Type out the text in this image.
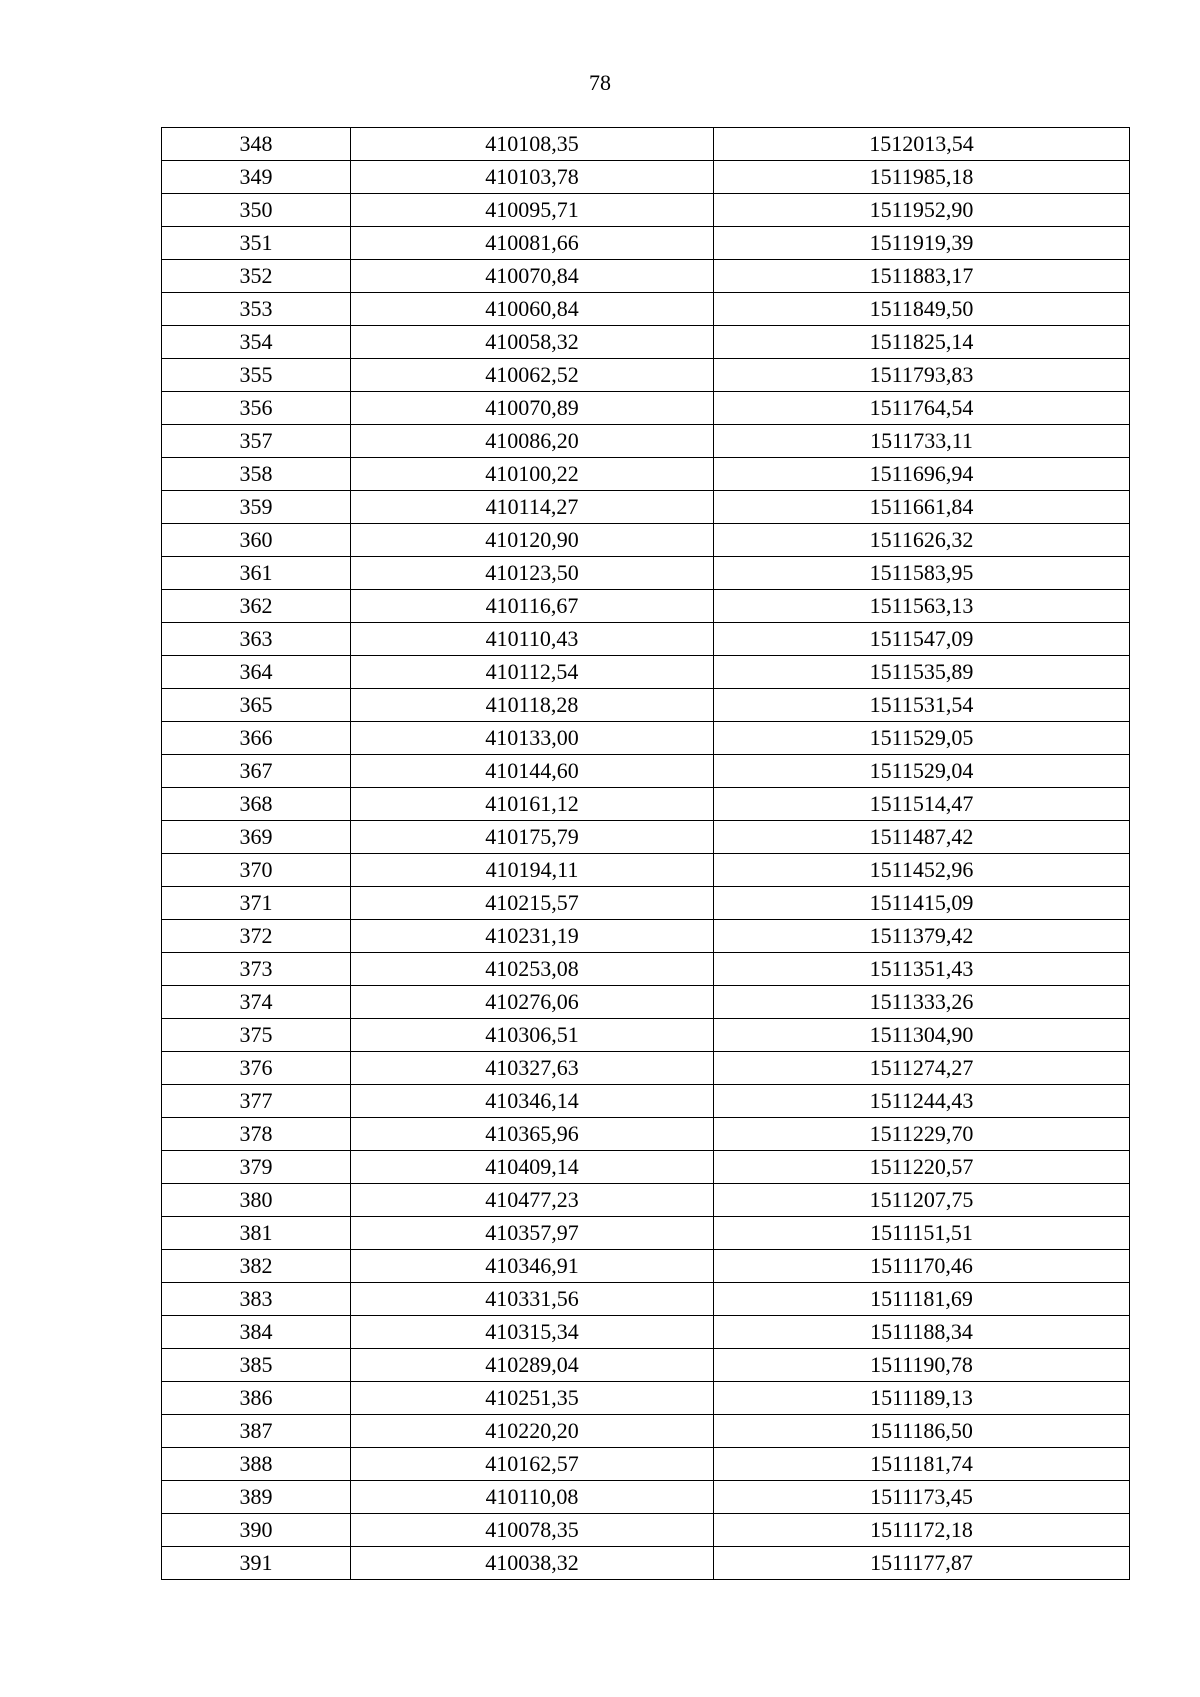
78
348	410108,35	1512013,54
349	410103,78	1511985,18
350	410095,71	1511952,90
351	410081,66	1511919,39
352	410070,84	1511883,17
353	410060,84	1511849,50
354	410058,32	1511825,14
355	410062,52	1511793,83
356	410070,89	1511764,54
357	410086,20	1511733,11
358	410100,22	1511696,94
359	410114,27	1511661,84
360	410120,90	1511626,32
361	410123,50	1511583,95
362	410116,67	1511563,13
363	410110,43	1511547,09
364	410112,54	1511535,89
365	410118,28	1511531,54
366	410133,00	1511529,05
367	410144,60	1511529,04
368	410161,12	1511514,47
369	410175,79	1511487,42
370	410194,11	1511452,96
371	410215,57	1511415,09
372	410231,19	1511379,42
373	410253,08	1511351,43
374	410276,06	1511333,26
375	410306,51	1511304,90
376	410327,63	1511274,27
377	410346,14	1511244,43
378	410365,96	1511229,70
379	410409,14	1511220,57
380	410477,23	1511207,75
381	410357,97	1511151,51
382	410346,91	1511170,46
383	410331,56	1511181,69
384	410315,34	1511188,34
385	410289,04	1511190,78
386	410251,35	1511189,13
387	410220,20	1511186,50
388	410162,57	1511181,74
389	410110,08	1511173,45
390	410078,35	1511172,18
391	410038,32	1511177,87
